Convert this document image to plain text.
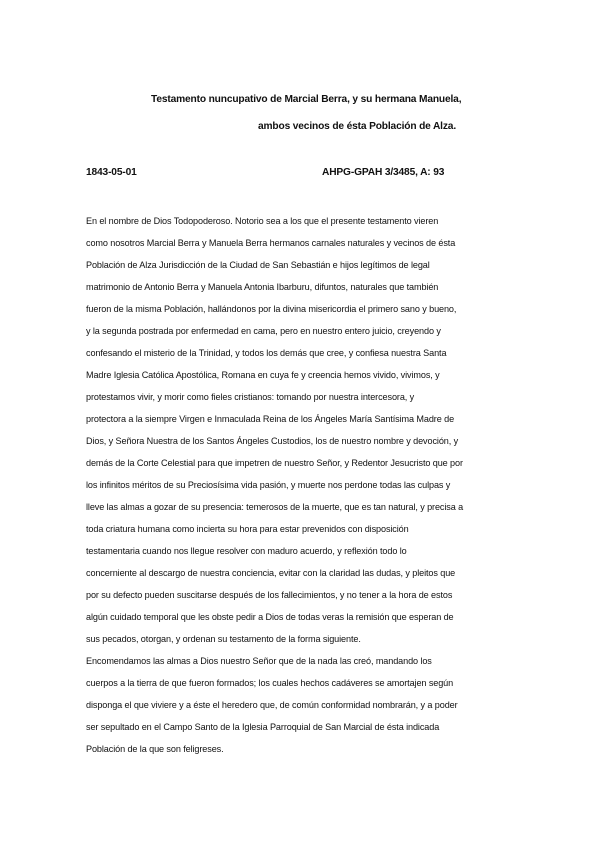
Testamento nuncupativo de Marcial Berra, y su hermana Manuela,
ambos vecinos de ésta Población de Alza.
1843-05-01	AHPG-GPAH 3/3485, A: 93
En el nombre de Dios Todopoderoso. Notorio sea a los que el presente testamento vieren
como nosotros Marcial Berra y Manuela Berra hermanos carnales naturales y vecinos de ésta
Población de Alza Jurisdicción de la Ciudad de San Sebastián e hijos legítimos de legal
matrimonio de Antonio Berra y Manuela Antonia Ibarburu, difuntos, naturales que también
fueron de la misma Población, hallándonos por la divina misericordia el primero sano y bueno,
y la segunda postrada por enfermedad en cama, pero en nuestro entero juicio, creyendo y
confesando el misterio de la Trinidad, y todos los demás que cree, y confiesa nuestra Santa
Madre Iglesia Católica Apostólica, Romana en cuya fe y creencia hemos vivido, vivimos, y
protestamos vivir, y morir como fieles cristianos: tomando por nuestra intercesora, y
protectora a la siempre Virgen e Inmaculada Reina de los Ángeles María Santísima Madre de
Dios, y Señora Nuestra de los Santos Ángeles Custodios, los de nuestro nombre y devoción, y
demás de la Corte Celestial para que impetren de nuestro Señor, y Redentor Jesucristo que por
los infinitos méritos de su Preciosísima vida pasión, y muerte nos perdone todas las culpas y
lleve las almas a gozar de su presencia: temerosos de la muerte, que es tan natural, y precisa a
toda criatura humana como incierta su hora para estar prevenidos con disposición
testamentaria cuando nos llegue resolver con maduro acuerdo, y reflexión todo lo
concerniente al descargo de nuestra conciencia, evitar con la claridad las dudas, y pleitos que
por su defecto pueden suscitarse después de los fallecimientos, y no tener a la hora de estos
algún cuidado temporal que les obste pedir a Dios de todas veras la remisión que esperan de
sus pecados, otorgan, y ordenan su testamento de la forma siguiente.
Encomendamos las almas a Dios nuestro Señor que de la nada las creó, mandando los
cuerpos a la tierra de que fueron formados; los cuales hechos cadáveres se amortajen según
disponga el que viviere y a éste el heredero que, de común conformidad nombrarán, y a poder
ser sepultado en el Campo Santo de la Iglesia Parroquial de San Marcial de ésta indicada
Población de la que son feligreses.
